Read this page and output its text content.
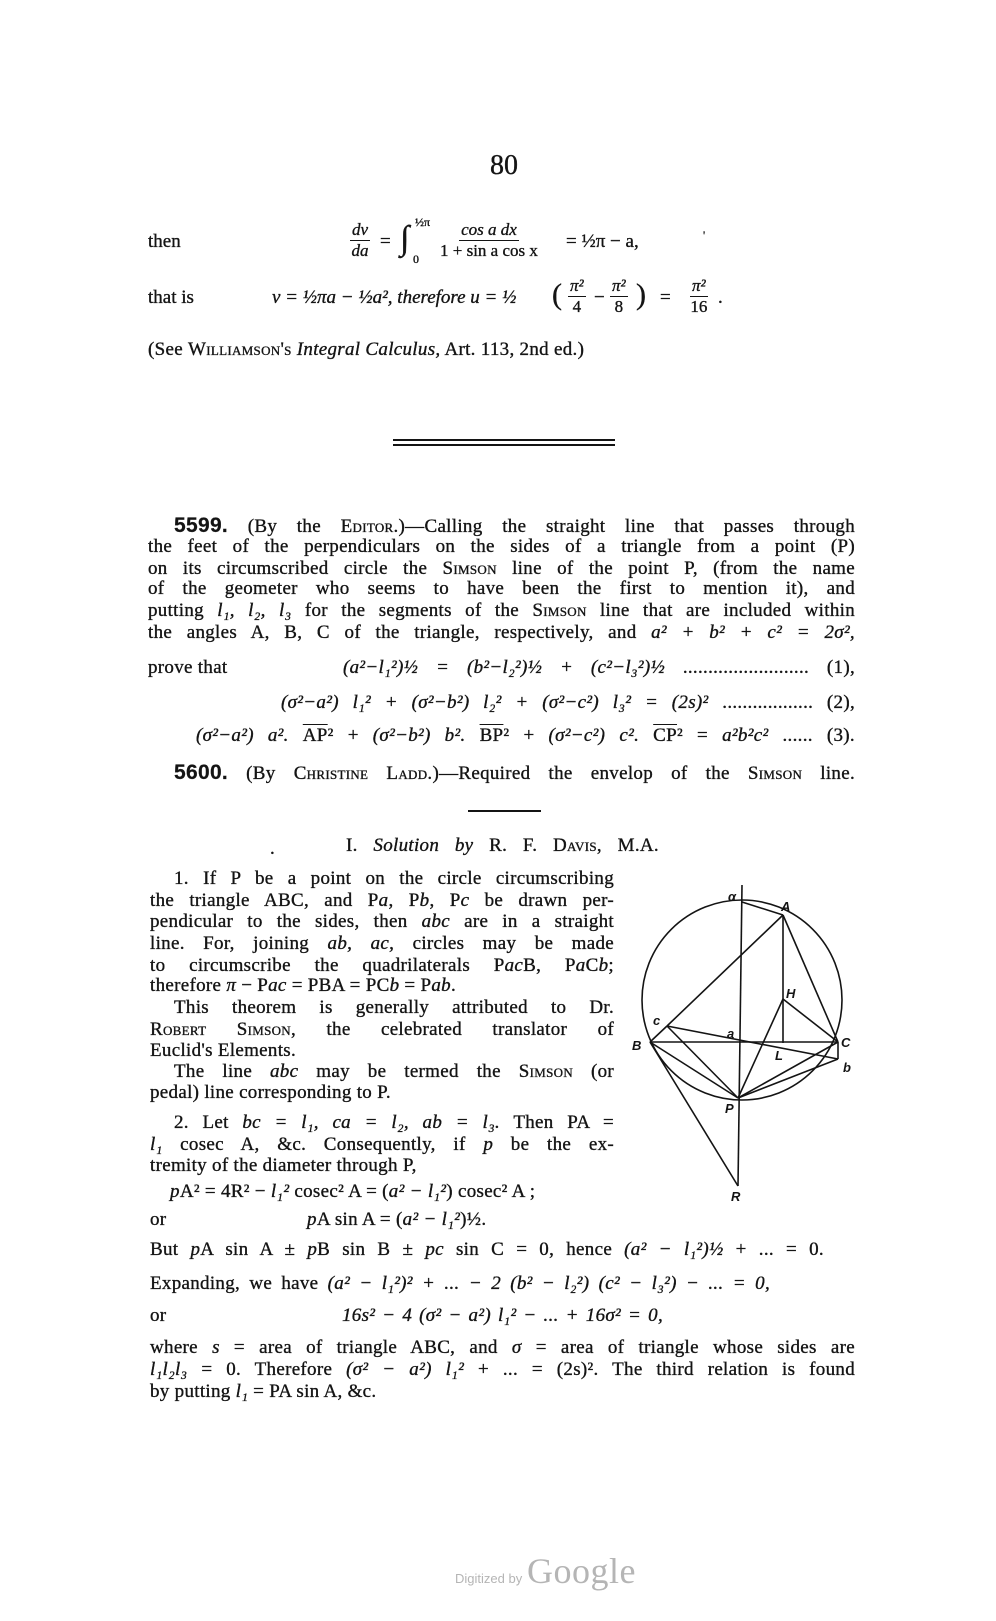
80
then	$\frac{dv}{da}$ = ∫ ½π
$0 \frac{\text{cos a dx}}{\text{1 + sin a cos x}}$ = ½π − a,	'
that is	v = ½πa − ½a², therefore u = ½ ( $\frac{\text{π²}}{4} - \frac{\text{π²}}{8}$ ) = $\frac{\text{π²}}{16}$ .
.
(See Williamson's Integral Calculus, Art. 113, 2nd ed.)
5599. (By the Editor.)—Calling the straight line that passes through
the feet of the perpendiculars on the sides of a triangle from a point (P)
on its circumscribed circle the Simson line of the point P, (from the name
of the geometer who seems to have been the first to mention it), and
putting l₁, l₂, l₃ for the segments of the Simson line that are included within
the angles A, B, C of the triangle, respectively, and a² + b² + c² = 2σ²,
prove that	(a²−l₁²)½ = (b²−l₂²)½ + (c²−l₃²)½ ......................... (1),
(σ²−a²) l₁² + (σ²−b²) l₂² + (σ²−c²) l₃² = (2s)² .................. (2),
(σ²−a²) a². $\overline{AP}^2 + (\sigma^2-b^2)$ b². $\overline{BP}^2 + (\sigma^2-c^2)$ c². $\overline{CP}^2 = a^2b^2c^2$ ...... (3).
5600. (By Christine Ladd.)—Required the envelop of the Simson line.
I. Solution by R. F. Davis, M.A.
1. If P be a point on the circle circumscribing
the triangle ABC, and Pa, Pb, Pc be drawn per-
pendicular to the sides, then abc are in a straight
line. For, joining ab, ac, circles may be made
to circumscribe the quadrilaterals PacB, PaCb;
therefore π − Pac = PBA = PCb = Pab.
This theorem is generally attributed to Dr.
Robert Simson, the celebrated translator of
Euclid's Elements.
The line abc may be termed the Simson (or
pedal) line corresponding to P.
2. Let bc = l₁, ca = l₂, ab = l₃. Then PA =
l₁ cosec A, &c. Consequently, if p be the ex-
tremity of the diameter through P,
pA² = 4R² − l₁² cosec² A = (a² − l₁²) cosec² A ;
or	pA sin A = (a² − l₁²)½.
But pA sin A ± pB sin B ± pc sin C = 0, hence (a² − l₁²)½ + ... = 0.
Expanding, we have (a² − l₁²)² + ... − 2 (b² − l₂²) (c² − l₃²) − ... = 0,
or	16s² − 4 (σ² − a²) l₁² − ... + 16σ² = 0,
where s = area of triangle ABC, and σ = area of triangle whose sides are
l₁l₂l₃ = 0. Therefore (σ² − a²) l₁² + ... = (2s)². The third relation is found
by putting l₁ = PA sin A, &c.
α
A
H
c
a
B	C
L
b
P
R
Digitized by Google
